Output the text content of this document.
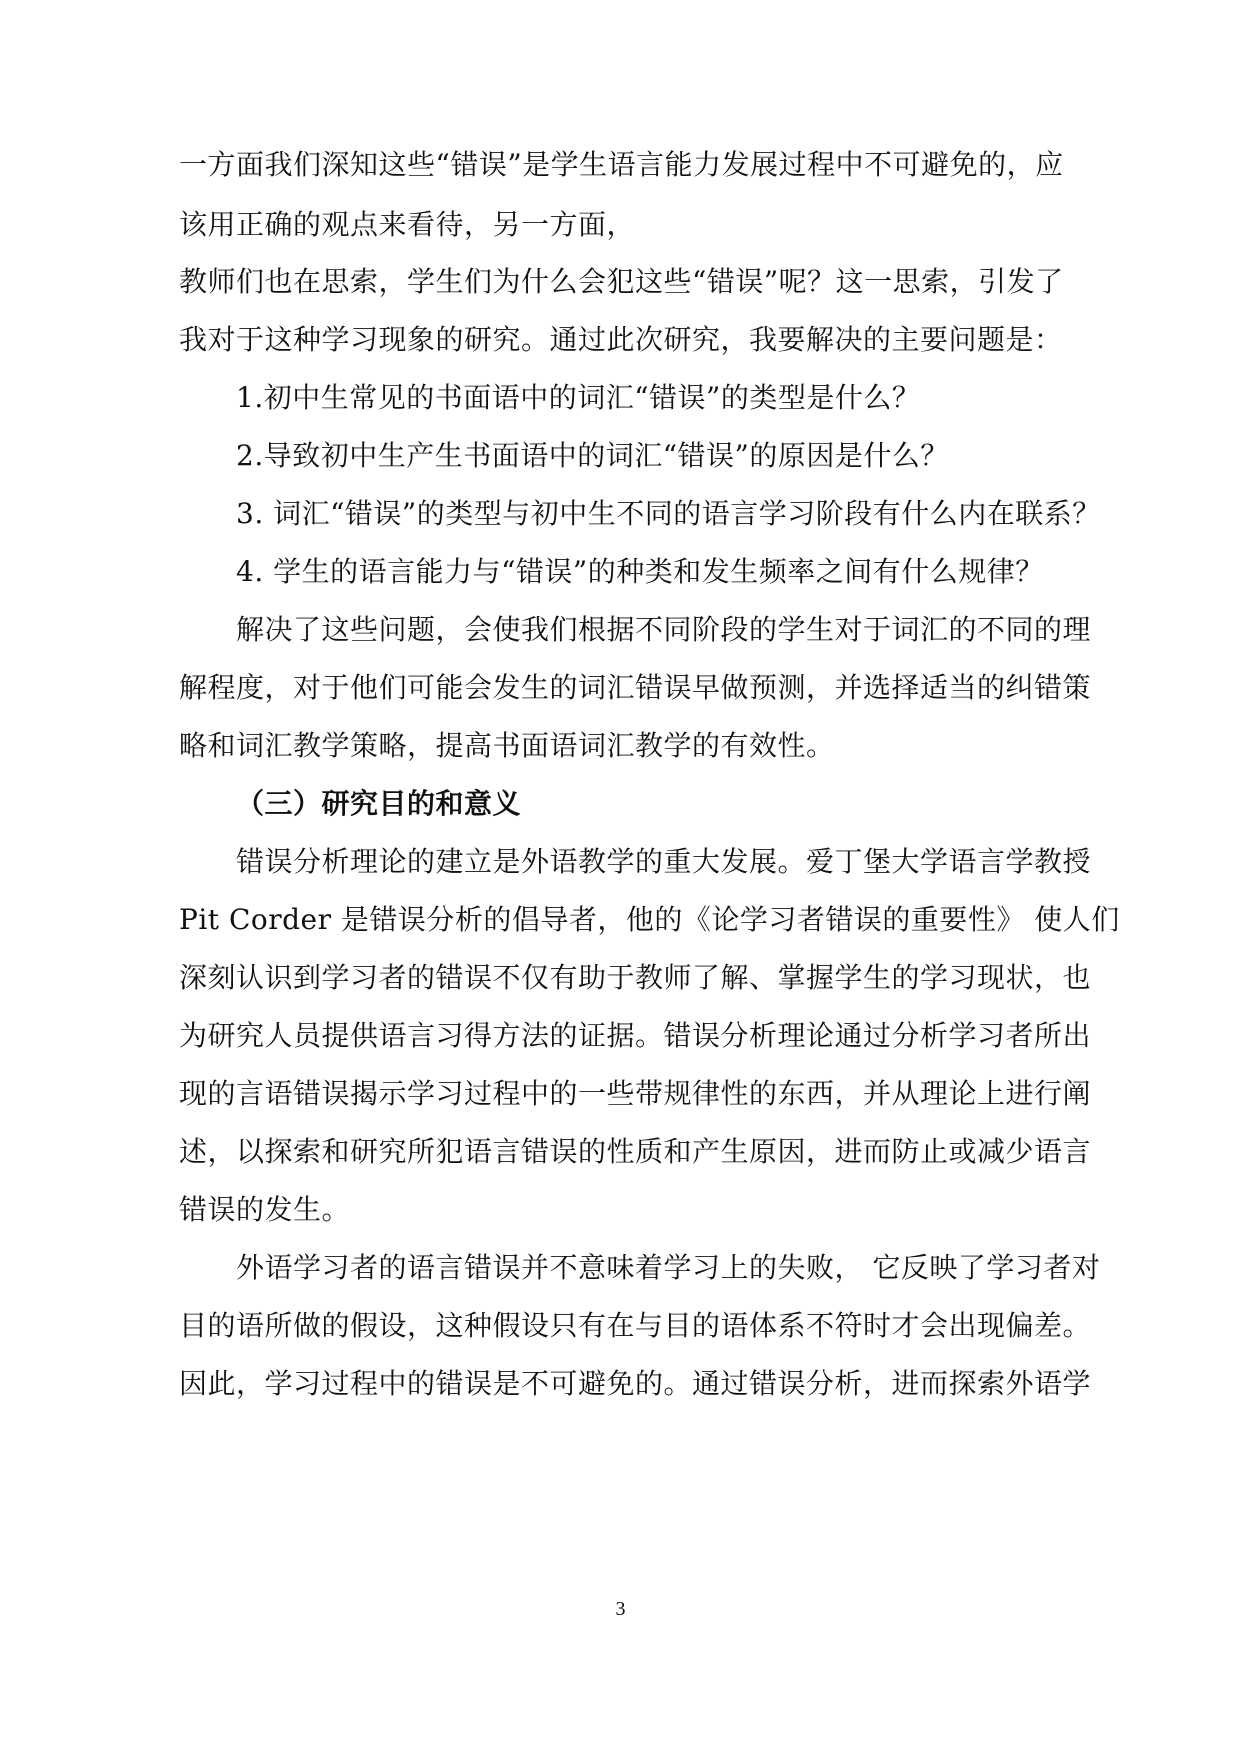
一方面我们深知这些“错误”是学生语言能力发展过程中不可避免的，应
该用正确的观点来看待，另一方面，
教师们也在思索，学生们为什么会犯这些“错误”呢？这一思索，引发了
我对于这种学习现象的研究。通过此次研究，我要解决的主要问题是：
1.初中生常见的书面语中的词汇“错误”的类型是什么？
2.导致初中生产生书面语中的词汇“错误”的原因是什么？
3. 词汇“错误”的类型与初中生不同的语言学习阶段有什么内在联系？
4. 学生的语言能力与“错误”的种类和发生频率之间有什么规律？
解决了这些问题，会使我们根据不同阶段的学生对于词汇的不同的理
解程度，对于他们可能会发生的词汇错误早做预测，并选择适当的纠错策
略和词汇教学策略，提高书面语词汇教学的有效性。
（三）研究目的和意义
错误分析理论的建立是外语教学的重大发展。爱丁堡大学语言学教授
Pit Corder 是错误分析的倡导者，他的《论学习者错误的重要性》 使人们
深刻认识到学习者的错误不仅有助于教师了解、掌握学生的学习现状，也
为研究人员提供语言习得方法的证据。错误分析理论通过分析学习者所出
现的言语错误揭示学习过程中的一些带规律性的东西，并从理论上进行阐
述，以探索和研究所犯语言错误的性质和产生原因，进而防止或减少语言
错误的发生。
外语学习者的语言错误并不意味着学习上的失败， 它反映了学习者对
目的语所做的假设，这种假设只有在与目的语体系不符时才会出现偏差。
因此，学习过程中的错误是不可避免的。通过错误分析，进而探索外语学
3
